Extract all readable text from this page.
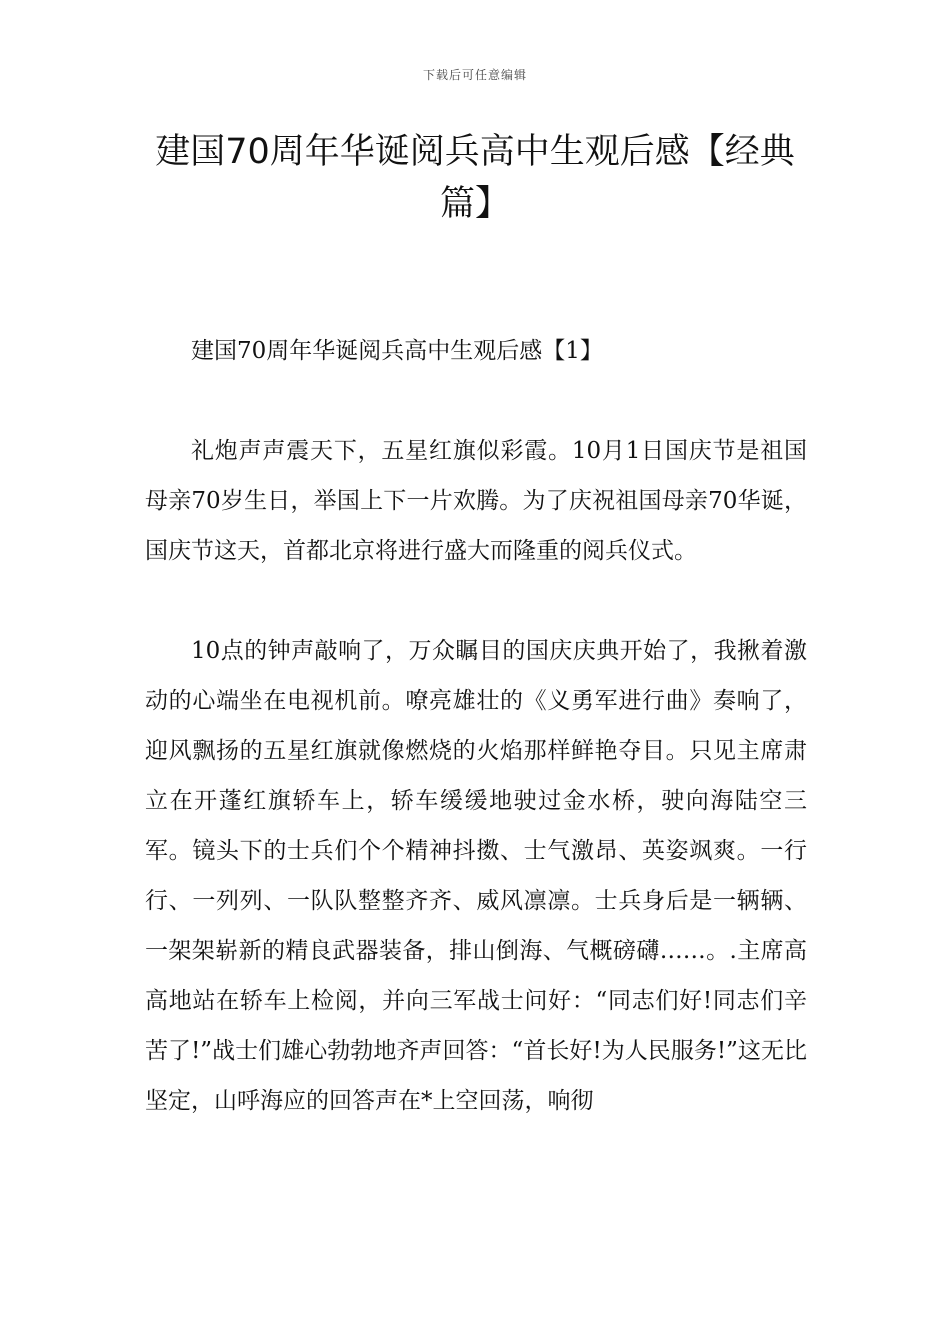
下载后可任意编辑
建国70周年华诞阅兵高中生观后感【经典篇】

建国70周年华诞阅兵高中生观后感【1】

礼炮声声震天下，五星红旗似彩霞。10月1日国庆节是祖国母亲70岁生日，举国上下一片欢腾。为了庆祝祖国母亲70华诞，国庆节这天，首都北京将进行盛大而隆重的阅兵仪式。

10点的钟声敲响了，万众瞩目的国庆庆典开始了，我揪着激动的心端坐在电视机前。嘹亮雄壮的《义勇军进行曲》奏响了，迎风飘扬的五星红旗就像燃烧的火焰那样鲜艳夺目。只见主席肃立在开蓬红旗轿车上，轿车缓缓地驶过金水桥，驶向海陆空三军。镜头下的士兵们个个精神抖擞、士气激昂、英姿飒爽。一行行、一列列、一队队整整齐齐、威风凛凛。士兵身后是一辆辆、一架架崭新的精良武器装备，排山倒海、气概磅礴……。.主席高高地站在轿车上检阅，并向三军战士问好：“同志们好!同志们辛苦了!”战士们雄心勃勃地齐声回答：“首长好!为人民服务!”这无比坚定，山呼海应的回答声在*上空回荡，响彻
